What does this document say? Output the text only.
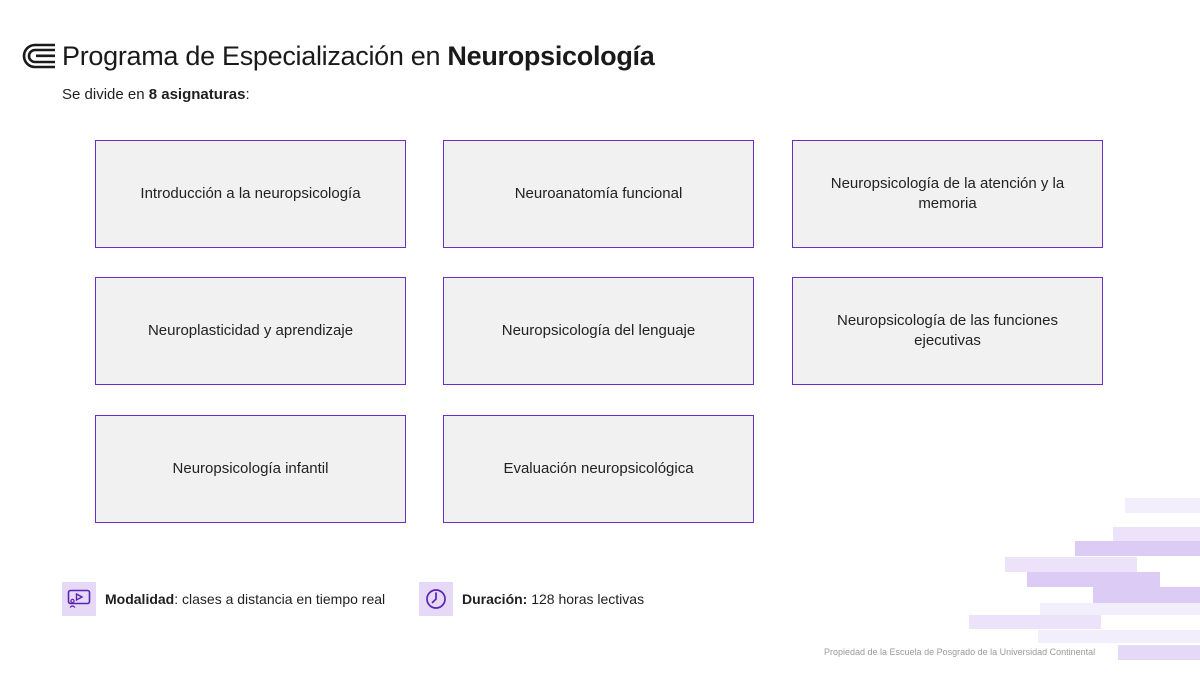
Programa de Especialización en Neuropsicología
Se divide en 8 asignaturas:
Introducción a la neuropsicología	Neuroanatomía funcional
Neuropsicología de la atención y la memoria
Neuroplasticidad y aprendizaje	Neuropsicología del lenguaje
Neuropsicología de las funciones ejecutivas
Neuropsicología infantil	Evaluación neuropsicológica
Modalidad: clases a distancia en tiempo real	Duración: 128 horas lectivas
Propiedad de la Escuela de Posgrado de la Universidad Continental
